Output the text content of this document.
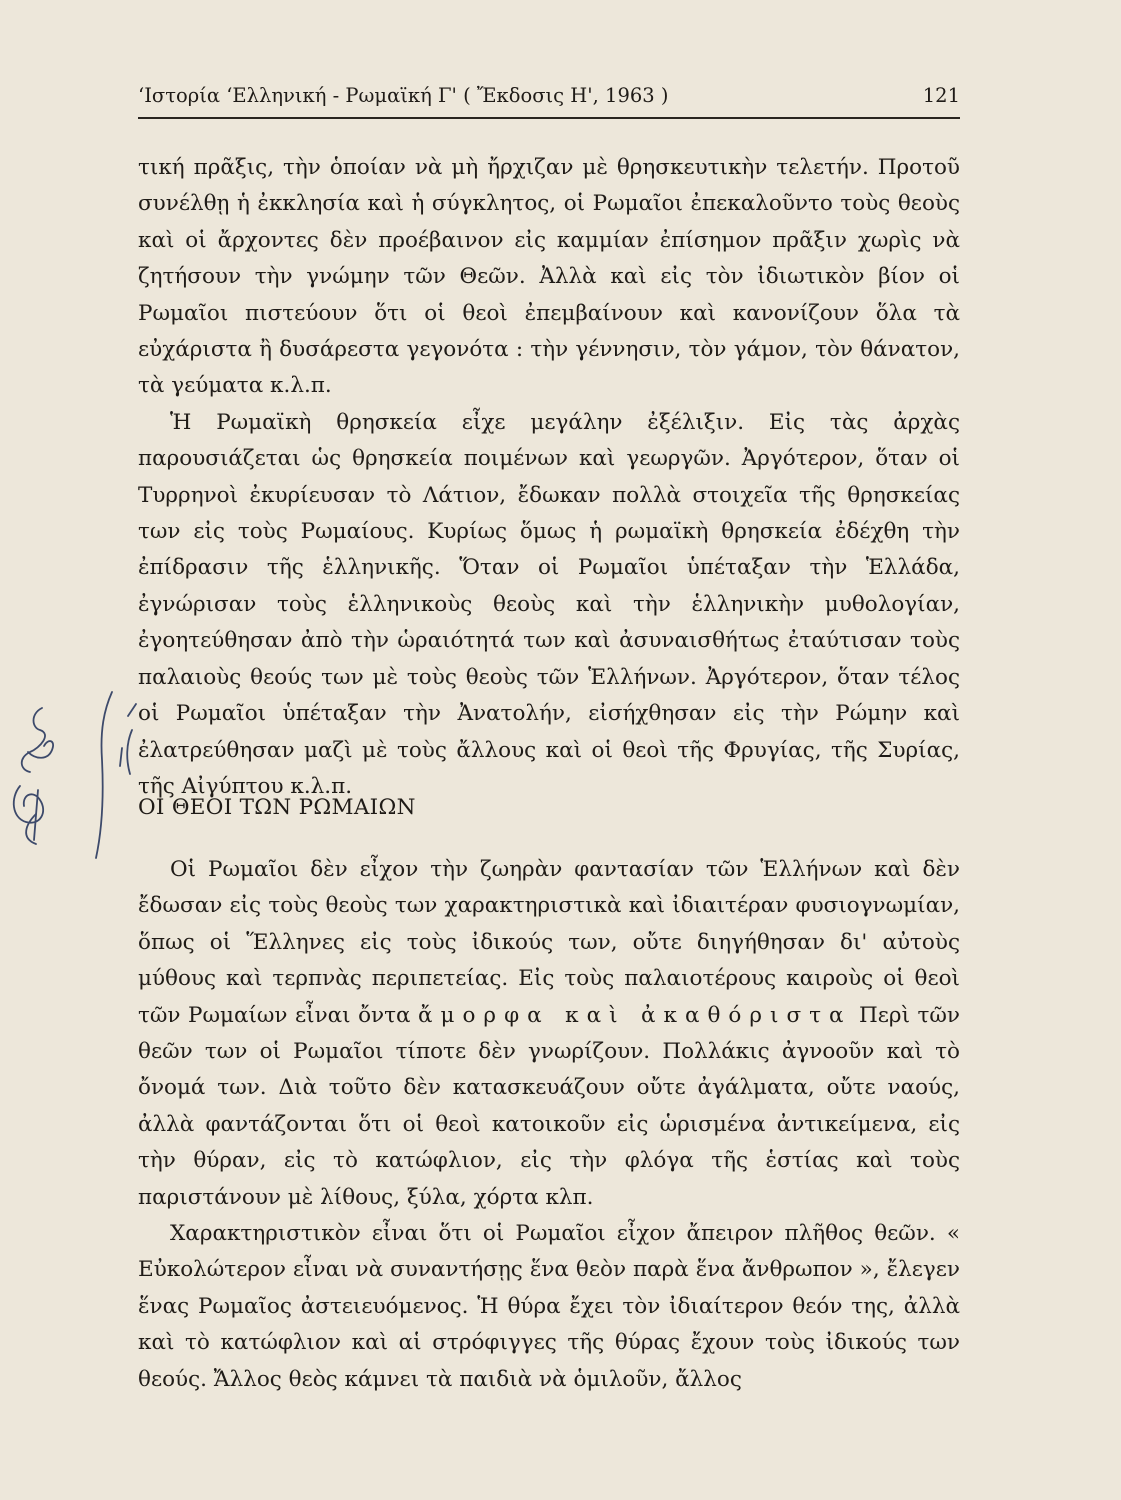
‘Ιστορία ‘Ελληνική - Ρωμαϊκή Γ' ( Ἔκδοσις Η', 1963 )	121
τική πρᾶξις, τὴν ὁποίαν νὰ μὴ ἤρχιζαν μὲ θρησκευτικὴν τελετήν. Προτοῦ συνέλθῃ ἡ ἐκκλησία καὶ ἡ σύγκλητος, οἱ Ρωμαῖοι ἐπεκαλοῦντο τοὺς θεοὺς καὶ οἱ ἄρχοντες δὲν προέβαινον εἰς καμμίαν ἐπίσημον πρᾶξιν χωρὶς νὰ ζητήσουν τὴν γνώμην τῶν Θεῶν. Ἀλλὰ καὶ εἰς τὸν ἰδιωτικὸν βίον οἱ Ρωμαῖοι πιστεύουν ὅτι οἱ θεοὶ ἐπεμβαίνουν καὶ κανονίζουν ὅλα τὰ εὐχάριστα ἢ δυσάρεστα γεγονότα : τὴν γέννησιν, τὸν γάμον, τὸν θάνατον, τὰ γεύματα κ.λ.π.
Ἡ Ρωμαϊκὴ θρησκεία εἶχε μεγάλην ἐξέλιξιν. Εἰς τὰς ἀρχὰς παρουσιάζεται ὡς θρησκεία ποιμένων καὶ γεωργῶν. Ἀργότερον, ὅταν οἱ Τυρρηνοὶ ἐκυρίευσαν τὸ Λάτιον, ἔδωκαν πολλὰ στοιχεῖα τῆς θρησκείας των εἰς τοὺς Ρωμαίους. Κυρίως ὅμως ἡ ρωμαϊκὴ θρησκεία ἐδέχθη τὴν ἐπίδρασιν τῆς ἑλληνικῆς. Ὅταν οἱ Ρωμαῖοι ὑπέταξαν τὴν Ἑλλάδα, ἐγνώρισαν τοὺς ἑλληνικοὺς θεοὺς καὶ τὴν ἑλληνικὴν μυθολογίαν, ἐγοητεύθησαν ἀπὸ τὴν ὡραιότητά των καὶ ἀσυναισθήτως ἐταύτισαν τοὺς παλαιοὺς θεούς των μὲ τοὺς θεοὺς τῶν Ἑλλήνων. Ἀργότερον, ὅταν τέλος οἱ Ρωμαῖοι ὑπέταξαν τὴν Ἀνατολήν, εἰσήχθησαν εἰς τὴν Ρώμην καὶ ἐλατρεύθησαν μαζὶ μὲ τοὺς ἄλλους καὶ οἱ θεοὶ τῆς Φρυγίας, τῆς Συρίας, τῆς Αἰγύπτου κ.λ.π.
ΟΙ ΘΕΟΙ ΤΩΝ ΡΩΜΑΙΩΝ
Οἱ Ρωμαῖοι δὲν εἶχον τὴν ζωηρὰν φαντασίαν τῶν Ἑλλήνων καὶ δὲν ἔδωσαν εἰς τοὺς θεοὺς των χαρακτηριστικὰ καὶ ἰδιαιτέραν φυσιογνωμίαν, ὅπως οἱ Ἕλληνες εἰς τοὺς ἰδικούς των, οὔτε διηγήθησαν δι' αὐτοὺς μύθους καὶ τερπνὰς περιπετείας. Εἰς τοὺς παλαιοτέρους καιροὺς οἱ θεοὶ τῶν Ρωμαίων εἶναι ὄντα ἄμορφα καὶ ἀκαθόριστα Περὶ τῶν θεῶν των οἱ Ρωμαῖοι τίποτε δὲν γνωρίζουν. Πολλάκις ἀγνοοῦν καὶ τὸ ὄνομά των. Διὰ τοῦτο δὲν κατασκευάζουν οὔτε ἀγάλματα, οὔτε ναούς, ἀλλὰ φαντάζονται ὅτι οἱ θεοὶ κατοικοῦν εἰς ὡρισμένα ἀντικείμενα, εἰς τὴν θύραν, εἰς τὸ κατώφλιον, εἰς τὴν φλόγα τῆς ἑστίας καὶ τοὺς παριστάνουν μὲ λίθους, ξύλα, χόρτα κλπ.
Χαρακτηριστικὸν εἶναι ὅτι οἱ Ρωμαῖοι εἶχον ἄπειρον πλῆθος θεῶν. « Εὐκολώτερον εἶναι νὰ συναντήσῃς ἕνα θεὸν παρὰ ἕνα ἄνθρωπον », ἔλεγεν ἕνας Ρωμαῖος ἀστειευόμενος. Ἡ θύρα ἔχει τὸν ἰδιαίτερον θεόν της, ἀλλὰ καὶ τὸ κατώφλιον καὶ αἱ στρόφιγγες τῆς θύρας ἔχουν τοὺς ἰδικούς των θεούς. Ἄλλος θεὸς κάμνει τὰ παιδιὰ νὰ ὁμιλοῦν, ἄλλος
